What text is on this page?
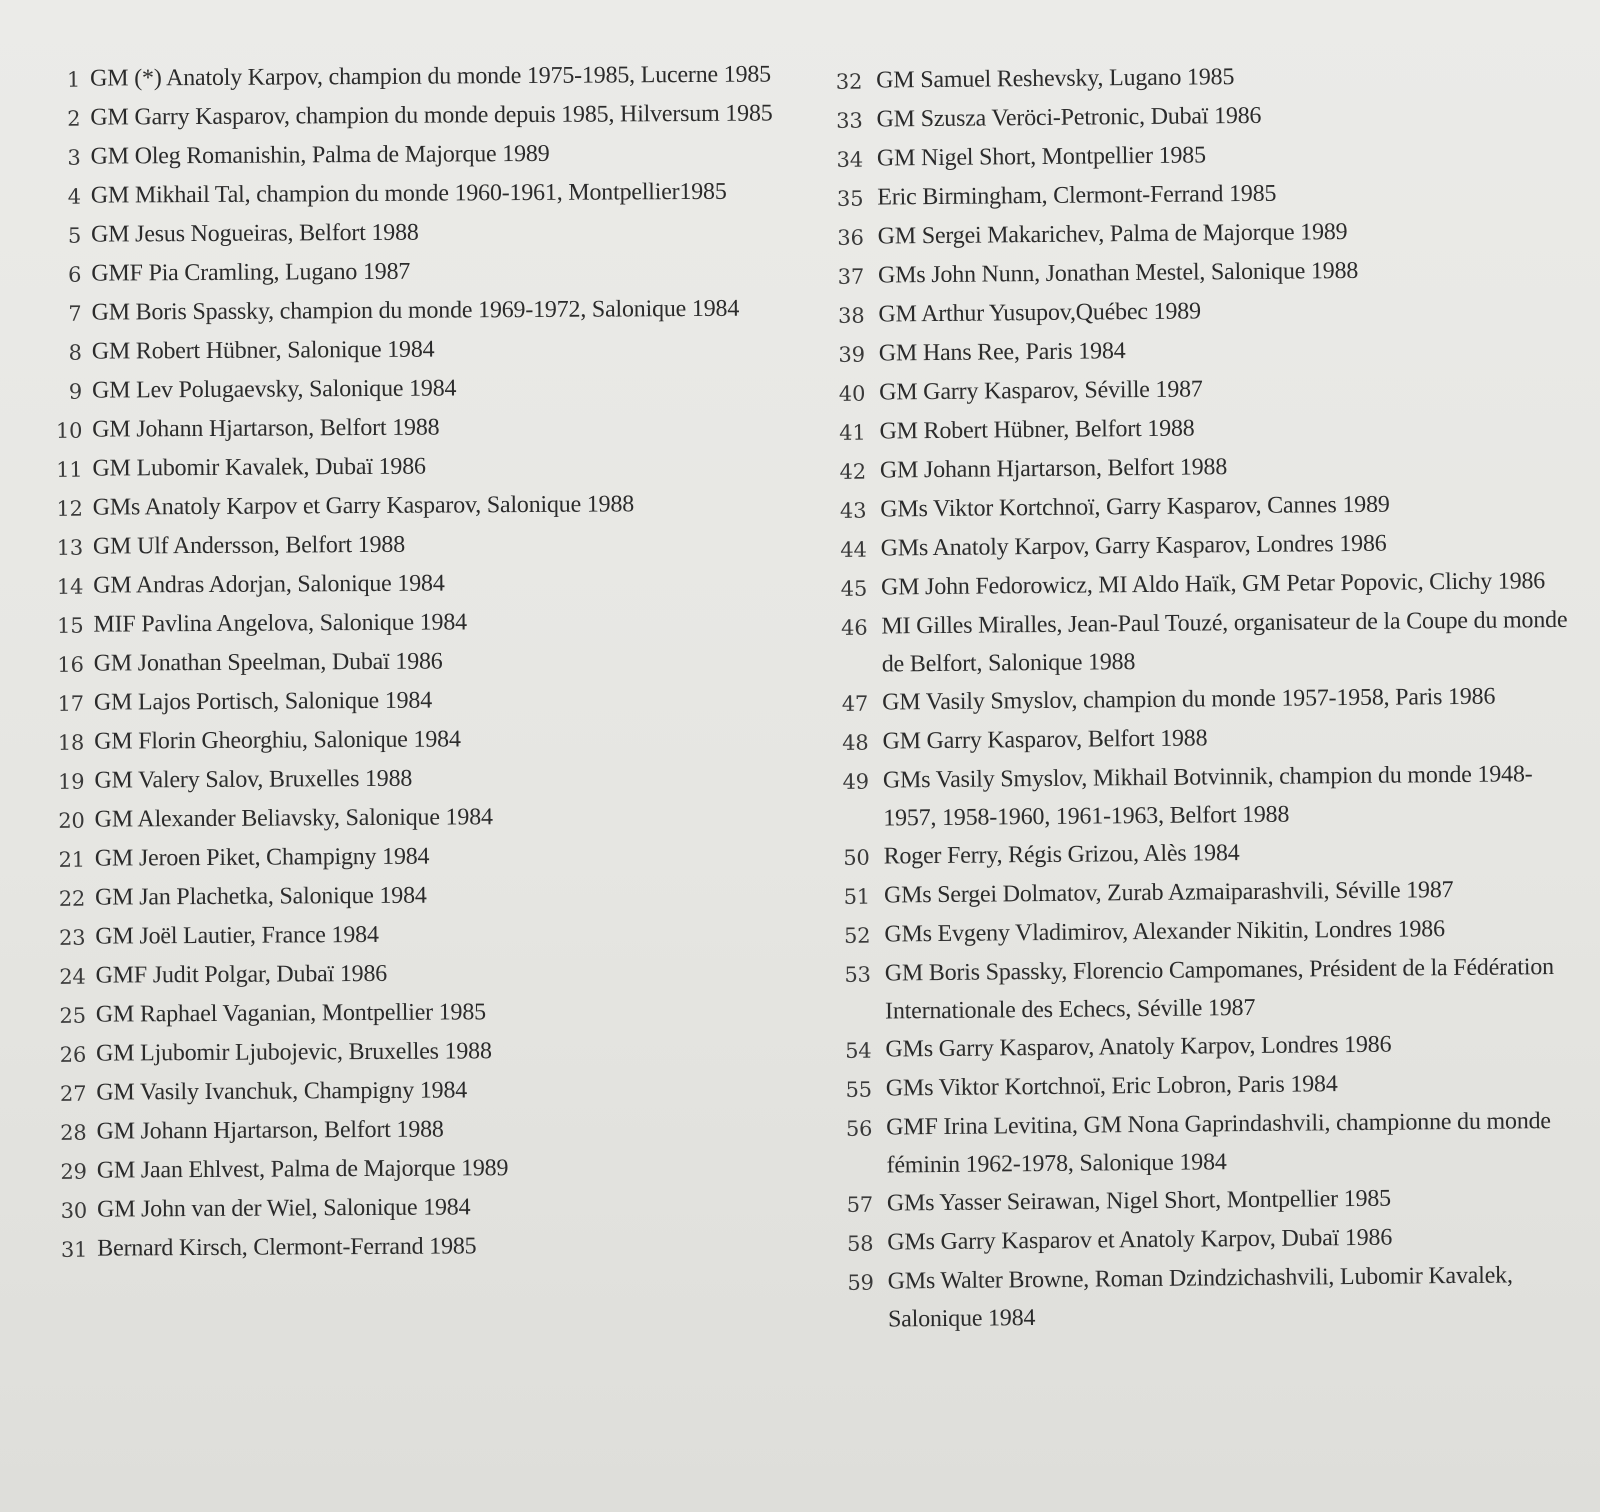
1 GM (*) Anatoly Karpov, champion du monde 1975-1985, Lucerne 1985
2 GM Garry Kasparov, champion du monde depuis 1985, Hilversum 1985
3 GM Oleg Romanishin, Palma de Majorque 1989
4 GM Mikhail Tal, champion du monde 1960-1961, Montpellier1985
5 GM Jesus Nogueiras, Belfort 1988
6 GMF Pia Cramling, Lugano 1987
7 GM Boris Spassky, champion du monde 1969-1972, Salonique 1984
8 GM Robert Hübner, Salonique 1984
9 GM Lev Polugaevsky, Salonique 1984
10 GM Johann Hjartarson, Belfort 1988
11 GM Lubomir Kavalek, Dubaï 1986
12 GMs Anatoly Karpov et Garry Kasparov, Salonique 1988
13 GM Ulf Andersson, Belfort 1988
14 GM Andras Adorjan, Salonique 1984
15 MIF Pavlina Angelova, Salonique 1984
16 GM Jonathan Speelman, Dubaï 1986
17 GM Lajos Portisch, Salonique 1984
18 GM Florin Gheorghiu, Salonique 1984
19 GM Valery Salov, Bruxelles 1988
20 GM Alexander Beliavsky, Salonique 1984
21 GM Jeroen Piket, Champigny 1984
22 GM Jan Plachetka, Salonique 1984
23 GM Joël Lautier, France 1984
24 GMF Judit Polgar, Dubaï 1986
25 GM Raphael Vaganian, Montpellier 1985
26 GM Ljubomir Ljubojevic, Bruxelles 1988
27 GM Vasily Ivanchuk, Champigny 1984
28 GM Johann Hjartarson, Belfort 1988
29 GM Jaan Ehlvest, Palma de Majorque 1989
30 GM John van der Wiel, Salonique 1984
31 Bernard Kirsch, Clermont-Ferrand 1985
32 GM Samuel Reshevsky, Lugano 1985
33 GM Szusza Veröci-Petronic, Dubaï 1986
34 GM Nigel Short, Montpellier 1985
35 Eric Birmingham, Clermont-Ferrand 1985
36 GM Sergei Makarichev, Palma de Majorque 1989
37 GMs John Nunn, Jonathan Mestel, Salonique 1988
38 GM Arthur Yusupov,Québec 1989
39 GM Hans Ree, Paris 1984
40 GM Garry Kasparov, Séville 1987
41 GM Robert Hübner, Belfort 1988
42 GM Johann Hjartarson, Belfort 1988
43 GMs Viktor Kortchnoï, Garry Kasparov, Cannes 1989
44 GMs Anatoly Karpov, Garry Kasparov, Londres 1986
45 GM John Fedorowicz, MI Aldo Haïk, GM Petar Popovic, Clichy 1986
46 MI Gilles Miralles, Jean-Paul Touzé, organisateur de la Coupe du monde de Belfort, Salonique 1988
47 GM Vasily Smyslov, champion du monde 1957-1958, Paris 1986
48 GM Garry Kasparov, Belfort 1988
49 GMs Vasily Smyslov, Mikhail Botvinnik, champion du monde 1948-1957, 1958-1960, 1961-1963, Belfort 1988
50 Roger Ferry, Régis Grizou, Alès 1984
51 GMs Sergei Dolmatov, Zurab Azmaiparashvili, Séville 1987
52 GMs Evgeny Vladimirov, Alexander Nikitin, Londres 1986
53 GM Boris Spassky, Florencio Campomanes, Président de la Fédération Internationale des Echecs, Séville 1987
54 GMs Garry Kasparov, Anatoly Karpov, Londres 1986
55 GMs Viktor Kortchnoï, Eric Lobron, Paris 1984
56 GMF Irina Levitina, GM Nona Gaprindashvili, championne du monde féminin 1962-1978, Salonique 1984
57 GMs Yasser Seirawan, Nigel Short, Montpellier 1985
58 GMs Garry Kasparov et Anatoly Karpov, Dubaï 1986
59 GMs Walter Browne, Roman Dzindzichashvili, Lubomir Kavalek, Salonique 1984
